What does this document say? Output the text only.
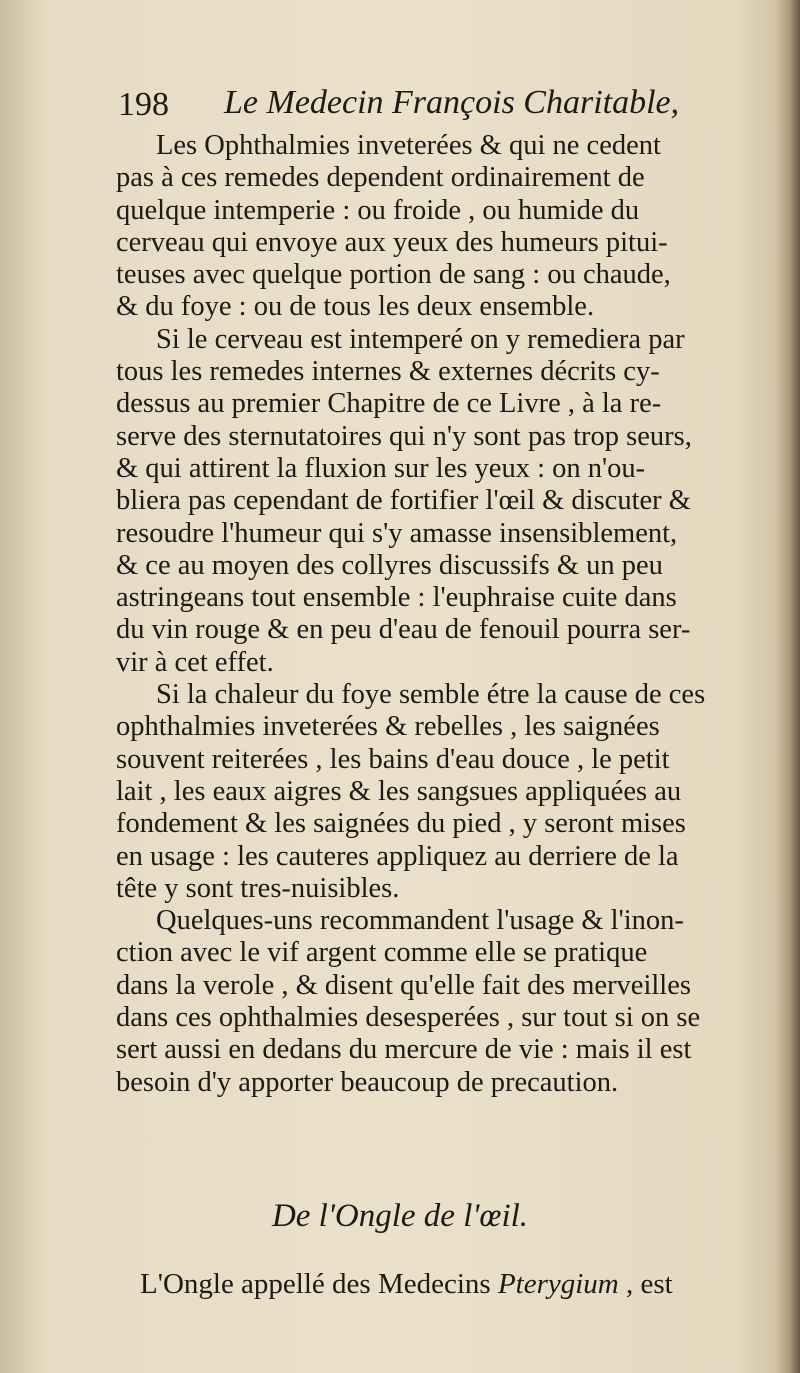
198 Le Medecin François Charitable,
Les Ophthalmies inveterées & qui ne cedent
pas à ces remedes dependent ordinairement de
quelque intemperie : ou froide , ou humide du
cerveau qui envoye aux yeux des humeurs pitui-
teuses avec quelque portion de sang : ou chaude,
& du foye : ou de tous les deux ensemble.
Si le cerveau est intemperé on y remediera par
tous les remedes internes & externes décrits cy-
dessus au premier Chapitre de ce Livre , à la re-
serve des sternutatoires qui n'y sont pas trop seurs,
& qui attirent la fluxion sur les yeux : on n'ou-
bliera pas cependant de fortifier l'œil & discuter &
resoudre l'humeur qui s'y amasse insensiblement,
& ce au moyen des collyres discussifs & un peu
astringeans tout ensemble : l'euphraise cuite dans
du vin rouge & en peu d'eau de fenouil pourra ser-
vir à cet effet.
Si la chaleur du foye semble étre la cause de ces
ophthalmies inveterées & rebelles , les saignées
souvent reiterées , les bains d'eau douce , le petit
lait , les eaux aigres & les sangsues appliquées au
fondement & les saignées du pied , y seront mises
en usage : les cauteres appliquez au derriere de la
tête y sont tres-nuisibles.
Quelques-uns recommandent l'usage & l'inon-
ction avec le vif argent comme elle se pratique
dans la verole , & disent qu'elle fait des merveilles
dans ces ophthalmies desesperées , sur tout si on se
sert aussi en dedans du mercure de vie : mais il est
besoin d'y apporter beaucoup de precaution.
De l'Ongle de l'œil.
L'Ongle appellé des Medecins Pterygium , est
